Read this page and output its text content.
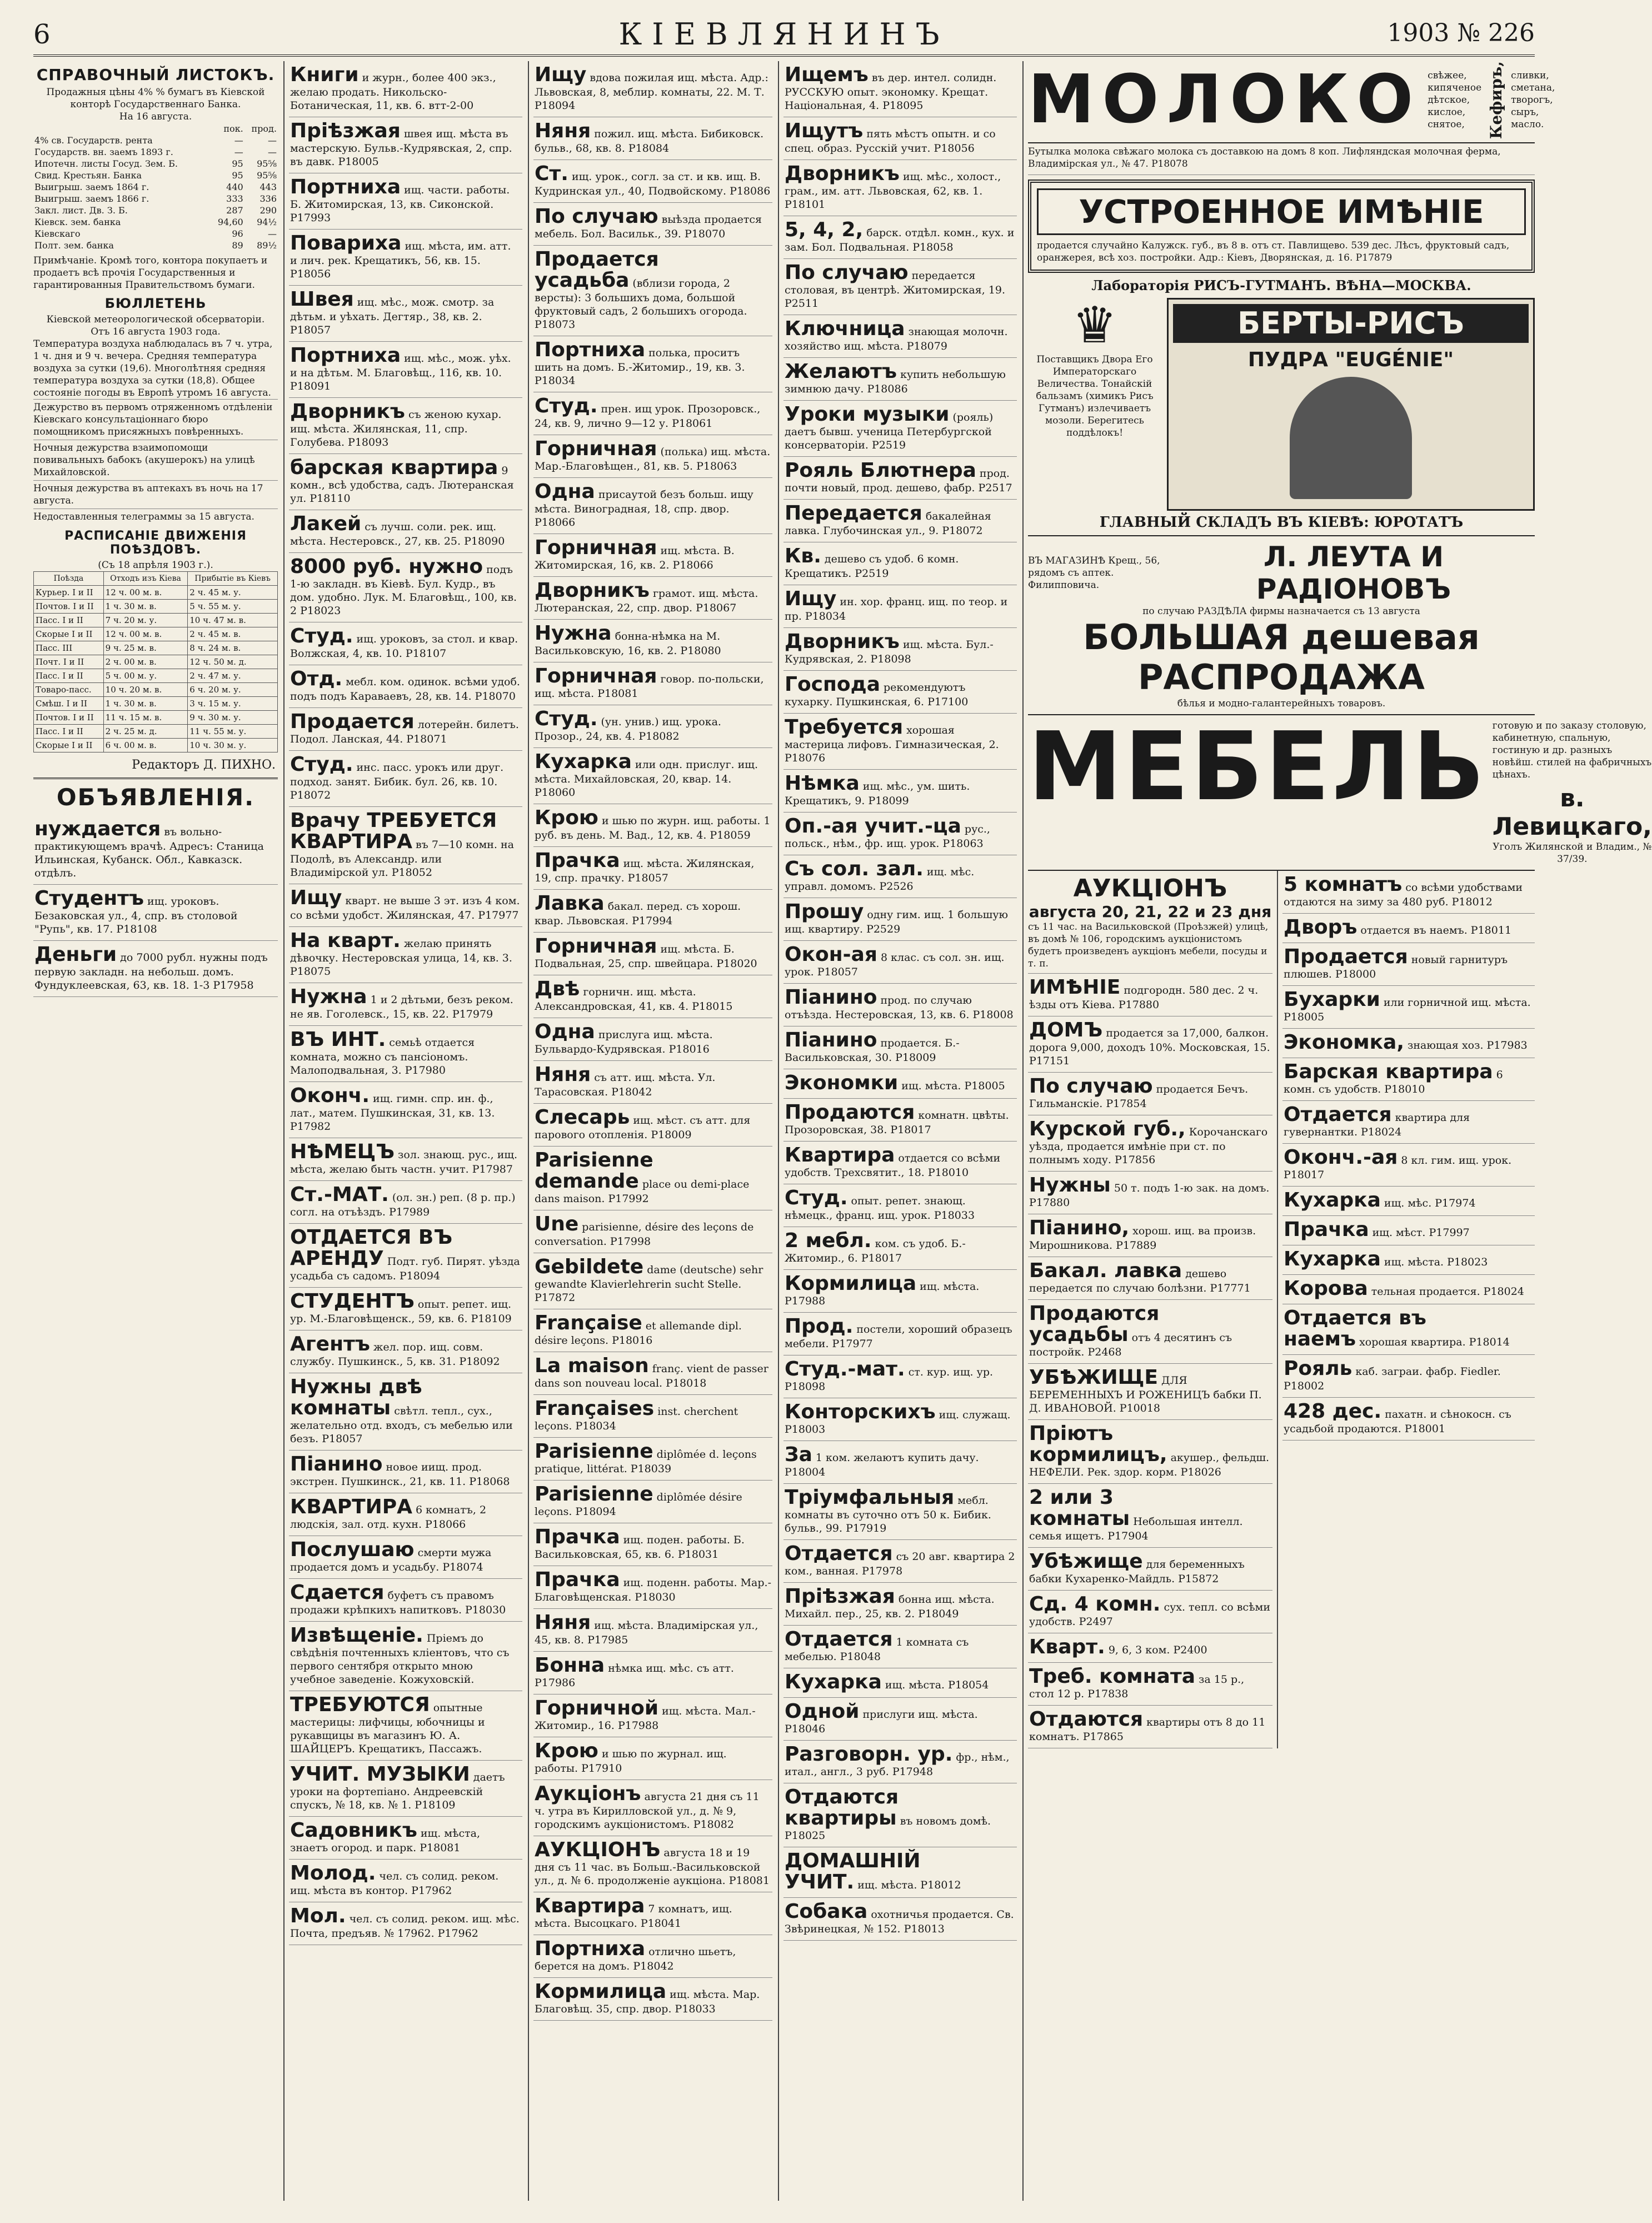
6	КІЕВЛЯНИНЪ	1903 № 226
СПРАВОЧНЫЙ ЛИСТОКЪ.
Продажныя цѣны 4% % бумагъ въ Кіевской конторѣ Государственнаго Банка.
На 16 августа.
	пок.	прод.
4% св. Государств. рента	—	—
Государств. вн. заемъ 1893 г.	—	—
Ипотечн. листы Госуд. Зем. Б.	95	95⅝
Свид. Крестьян. Банка	95	95⅝
Выигрыш. заемъ 1864 г.	440	443
Выигрыш. заемъ 1866 г.	333	336
Закл. лист. Дв. З. Б.	287	290
Кіевск. зем. банка	94,60	94½
Кіевскаго	96	—
Полт. зем. банка	89	89½
Примѣчаніе. Кромѣ того, контора покупаетъ и продаетъ всѣ прочія Государственныя и гарантированныя Правительствомъ бумаги.
БЮЛЛЕТЕНЬ
Кіевской метеорологической обсерваторіи.
Отъ 16 августа 1903 года.
Температура воздуха наблюдалась въ 7 ч. утра, 1 ч. дня и 9 ч. вечера. Средняя температура воздуха за сутки (19,6). Многолѣтняя средняя температура воздуха за сутки (18,8). Общее состояніе погоды въ Европѣ утромъ 16 августа.
Дежурство въ первомъ отряженномъ отдѣленіи Кіевскаго консультаціоннаго бюро помощникомъ присяжныхъ повѣренныхъ.
Ночныя дежурства взаимопомощи повивальныхъ бабокъ (акушерокъ) на улицѣ Михайловской.
Ночныя дежурства въ аптекахъ въ ночь на 17 августа.
Недоставленныя телеграммы за 15 августа.
РАСПИСАНІЕ ДВИЖЕНІЯ ПОѢЗДОВЪ.
(Съ 18 апрѣля 1903 г.).
Поѣзда	Отходъ изъ Кіева	Прибытіе въ Кіевъ
Курьер. I и II	12 ч. 00 м. в.	2 ч. 45 м. у.
Почтов. I и II	1 ч. 30 м. в.	5 ч. 55 м. у.
Пасс. I и II	7 ч. 20 м. у.	10 ч. 47 м. в.
Скорые I и II	12 ч. 00 м. в.	2 ч. 45 м. в.
Пасс. III	9 ч. 25 м. в.	8 ч. 24 м. в.
Почт. I и II	2 ч. 00 м. в.	12 ч. 50 м. д.
Пасс. I и II	5 ч. 00 м. у.	2 ч. 47 м. у.
Товаро-пасс.	10 ч. 20 м. в.	6 ч. 20 м. у.
Смѣш. I и II	1 ч. 30 м. в.	3 ч. 15 м. у.
Почтов. I и II	11 ч. 15 м. в.	9 ч. 30 м. у.
Пасс. I и II	2 ч. 25 м. д.	11 ч. 55 м. у.
Скорые I и II	6 ч. 00 м. в.	10 ч. 30 м. у.
Редакторъ Д. ПИХНО.
ОБЪЯВЛЕНІЯ.
нуждается въ вольно-практикующемъ врачѣ. Адресъ: Станица Ильинская, Кубанск. Обл., Кавказск. отдѣлъ.
Студентъ ищ. уроковъ. Безаковская ул., 4, спр. въ столовой "Рупь", кв. 17. Р18108
Деньги до 7000 рубл. нужны подъ первую закладн. на небольш. домъ. Фундуклеевская, 63, кв. 18. 1-3 Р17958
Книги и журн., более 400 экз., желаю продать. Никольско-Ботаническая, 11, кв. 6. втт-2-00
Пріѣзжая швея ищ. мѣста въ мастерскую. Бульв.-Кудрявская, 2, спр. въ давк. Р18005
Портниха ищ. части. работы. Б. Житомирская, 13, кв. Сиконской. Р17993
Повариха ищ. мѣста, им. атт. и лич. рек. Крещатикъ, 56, кв. 15. Р18056
Швея ищ. мѣс., мож. смотр. за дѣтьм. и уѣхать. Дегтяр., 38, кв. 2. Р18057
Портниха ищ. мѣс., мож. уѣх. и на дѣтьм. М. Благовѣщ., 116, кв. 10. Р18091
Дворникъ съ женою кухар. ищ. мѣста. Жилянская, 11, спр. Голубева. Р18093
барская квартира 9 комн., всѣ удобства, садъ. Лютеранская ул. Р18110
Лакей съ лучш. соли. рек. ищ. мѣста. Нестеровск., 27, кв. 25. Р18090
8000 руб. нужно подъ 1-ю закладн. въ Кіевѣ. Бул. Кудр., въ дом. удобно. Лук. М. Благовѣщ., 100, кв. 2 Р18023
Студ. ищ. уроковъ, за стол. и квар. Волжская, 4, кв. 10. Р18107
Отд. мебл. ком. одинок. всѣми удоб. подъ подъ Караваевъ, 28, кв. 14. Р18070
Продается лотерейн. билетъ. Подол. Ланская, 44. Р18071
Студ. инс. пасс. урокъ или друг. подход. занят. Бибик. бул. 26, кв. 10. Р18072
Врачу ТРЕБУЕТСЯ КВАРТИРА въ 7—10 комн. на Подолѣ, въ Александр. или Владимірской ул. Р18052
Ищу кварт. не выше 3 эт. изъ 4 ком. со всѣми удобст. Жилянская, 47. Р17977
На кварт. желаю принять дѣвочку. Нестеровская улица, 14, кв. 3. Р18075
Нужна 1 и 2 дѣтьми, безъ реком. не яв. Гоголевск., 15, кв. 22. Р17979
ВЪ ИНТ. семьѣ отдается комната, можно съ пансіономъ. Малоподвальная, 3. Р17980
Оконч. ищ. гимн. спр. ин. ф., лат., матем. Пушкинская, 31, кв. 13. Р17982
НѢМЕЦЪ зол. знающ. рус., ищ. мѣста, желаю быть частн. учит. Р17987
Ст.-МАТ. (ол. зн.) реп. (8 р. пр.) согл. на отъѣздъ. Р17989
ОТДАЕТСЯ ВЪ АРЕНДУ Подт. губ. Пирят. уѣзда усадьба съ садомъ. Р18094
СТУДЕНТЪ опыт. репет. ищ. ур. М.-Благовѣщенск., 59, кв. 6. Р18109
Агентъ жел. пор. ищ. совм. службу. Пушкинск., 5, кв. 31. Р18092
Нужны двѣ комнаты свѣтл. тепл., сух., желательно отд. входъ, съ мебелью или безъ. Р18057
Піанино новое иищ. прод. экстрен. Пушкинск., 21, кв. 11. Р18068
КВАРТИРА 6 комнатъ, 2 людскія, зал. отд. кухн. Р18066
Послушаю смерти мужа продается домъ и усадьбу. Р18074
Сдается буфетъ съ правомъ продажи крѣпкихъ напитковъ. Р18030
Извѣщеніе. Пріемъ до свѣдѣнія почтенныхъ кліентовъ, что съ первого сентября открыто мною учебное заведеніе. Кожуховскій.
ТРЕБУЮТСЯ опытные мастерицы: лифчицы, юбочницы и рукавщицы въ магазинъ Ю. А. ШАЙЦЕРЪ. Крещатикъ, Пассажъ.
УЧИТ. МУЗЫКИ даетъ уроки на фортепіано. Андреевскій спускъ, № 18, кв. № 1. Р18109
Садовникъ ищ. мѣста, знаетъ огород. и парк. Р18081
Молод. чел. съ солид. реком. ищ. мѣста въ контор. Р17962
Мол. чел. съ солид. реком. ищ. мѣс. Почта, предъяв. № 17962. Р17962
Ищу вдова пожилая ищ. мѣста. Адр.: Львовская, 8, меблир. комнаты, 22. М. Т. Р18094
Няня пожил. ищ. мѣста. Бибиковск. бульв., 68, кв. 8. Р18084
Ст. ищ. урок., согл. за ст. и кв. ищ. В. Кудринская ул., 40, Подвойскому. Р18086
По случаю выѣзда продается мебель. Бол. Васильк., 39. Р18070
Продается усадьба (вблизи города, 2 версты): 3 большихъ дома, большой фруктовый садъ, 2 большихъ огорода. Р18073
Портниха полька, проситъ шить на домъ. Б.-Житомир., 19, кв. 3. Р18034
Студ. прен. ищ урок. Прозоровск., 24, кв. 9, лично 9—12 у. Р18061
Горничная (полька) ищ. мѣста. Мар.-Благовѣщен., 81, кв. 5. Р18063
Одна присаутой безъ больш. ищу мѣста. Виноградная, 18, спр. двор. Р18066
Горничная ищ. мѣста. В. Житомирская, 16, кв. 2. Р18066
Дворникъ грамот. ищ. мѣста. Лютеранская, 22, спр. двор. Р18067
Нужна бонна-нѣмка на М. Васильковскую, 16, кв. 2. Р18080
Горничная говор. по-польски, ищ. мѣста. Р18081
Студ. (ун. унив.) ищ. урока. Прозор., 24, кв. 4. Р18082
Кухарка или одн. прислуг. ищ. мѣста. Михайловская, 20, квар. 14. Р18060
Крою и шью по журн. ищ. работы. 1 руб. въ день. М. Вад., 12, кв. 4. Р18059
Прачка ищ. мѣста. Жилянская, 19, спр. прачку. Р18057
Лавка бакал. перед. съ хорош. квар. Львовская. Р17994
Горничная ищ. мѣста. Б. Подвальная, 25, спр. швейцара. Р18020
Двѣ горничн. ищ. мѣста. Александровская, 41, кв. 4. Р18015
Одна прислуга ищ. мѣста. Бульвардо-Кудрявская. Р18016
Няня съ атт. ищ. мѣста. Ул. Тарасовская. Р18042
Слесарь ищ. мѣст. съ атт. для парового отопленія. Р18009
Parisienne demande place ou demi-place dans maison. Р17992
Une parisienne, désire des leçons de conversation. Р17998
Gebildete dame (deutsche) sehr gewandte Klavierlehrerin sucht Stelle. Р17872
Française et allemande dipl. désire leçons. Р18016
La maison franç. vient de passer dans son nouveau local. Р18018
Françaises inst. cherchent leçons. Р18034
Parisienne diplômée d. leçons pratique, littérat. Р18039
Parisienne diplômée désire leçons. Р18094
Прачка ищ. поден. работы. Б. Васильковская, 65, кв. 6. Р18031
Прачка ищ. поденн. работы. Мар.-Благовѣщенская. Р18030
Няня ищ. мѣста. Владимірская ул., 45, кв. 8. Р17985
Бонна нѣмка ищ. мѣс. съ атт. Р17986
Горничной ищ. мѣста. Мал.-Житомир., 16. Р17988
Крою и шью по журнал. ищ. работы. Р17910
Аукціонъ августа 21 дня съ 11 ч. утра въ Кирилловской ул., д. № 9, городскимъ аукціонистомъ. Р18082
АУКЦІОНЪ августа 18 и 19 дня съ 11 час. въ Больш.-Васильковской ул., д. № 6. продолженіе аукціона. Р18081
Квартира 7 комнатъ, ищ. мѣста. Высоцкаго. Р18041
Портниха отлично шьетъ, берется на домъ. Р18042
Кормилица ищ. мѣста. Мар. Благовѣщ. 35, спр. двор. Р18033
Ищемъ въ дер. интел. солидн. РУССКУЮ опыт. экономку. Крещат. Національная, 4. Р18095
Ищутъ пять мѣстъ опытн. и со спец. образ. Русскій учит. Р18056
Дворникъ ищ. мѣс., холост., грам., им. атт. Львовская, 62, кв. 1. Р18101
5, 4, 2, барск. отдѣл. комн., кух. и зам. Бол. Подвальная. Р18058
По случаю передается столовая, въ центрѣ. Житомирская, 19. Р2511
Ключница знающая молочн. хозяйство ищ. мѣста. Р18079
Желаютъ купить небольшую зимнюю дачу. Р18086
Уроки музыки (рояль) даетъ бывш. ученица Петербургской консерваторіи. Р2519
Рояль Блютнера прод. почти новый, прод. дешево, фабр. Р2517
Передается бакалейная лавка. Глубочинская ул., 9. Р18072
Кв. дешево съ удоб. 6 комн. Крещатикъ. Р2519
Ищу ин. хор. франц. ищ. по теор. и пр. Р18034
Дворникъ ищ. мѣста. Бул.-Кудрявская, 2. Р18098
Господа рекомендуютъ кухарку. Пушкинская, 6. Р17100
Требуется хорошая мастерица лифовъ. Гимназическая, 2. Р18076
Нѣмка ищ. мѣс., ум. шить. Крещатикъ, 9. Р18099
Оп.-ая учит.-ца рус., польск., нѣм., фр. ищ. урок. Р18063
Съ сол. зал. ищ. мѣс. управл. домомъ. Р2526
Прошу одну гим. ищ. 1 большую ищ. квартиру. Р2529
Окон-ая 8 клас. съ сол. зн. ищ. урок. Р18057
Піанино прод. по случаю отъѣзда. Нестеровская, 13, кв. 6. Р18008
Піанино продается. Б.-Васильковская, 30. Р18009
Экономки ищ. мѣста. Р18005
Продаются комнатн. цвѣты. Прозоровская, 38. Р18017
Квартира отдается со всѣми удобств. Трехсвятит., 18. Р18010
Студ. опыт. репет. знающ. нѣмецк., франц. ищ. урок. Р18033
2 мебл. ком. съ удоб. Б.-Житомир., 6. Р18017
Кормилица ищ. мѣста. Р17988
Прод. постели, хороший образецъ мебели. Р17977
Студ.-мат. ст. кур. ищ. ур. Р18098
Конторскихъ ищ. служащ. Р18003
За 1 ком. желаютъ купить дачу. Р18004
Тріумфальныя мебл. комнаты въ суточно отъ 50 к. Бибик. бульв., 99. Р17919
Отдается съ 20 авг. квартира 2 ком., ванная. Р17978
Пріѣзжая бонна ищ. мѣста. Михайл. пер., 25, кв. 2. Р18049
Отдается 1 комната съ мебелью. Р18048
Кухарка ищ. мѣста. Р18054
Одной прислуги ищ. мѣста. Р18046
Разговорн. ур. фр., нѣм., итал., англ., 3 руб. Р17948
Отдаются квартиры въ новомъ домѣ. Р18025
ДОМАШНІЙ УЧИТ. ищ. мѣста. Р18012
Собака охотничья продается. Св. Звѣринецкая, № 152. Р18013
МОЛОКО свѣжее,
кипяченое
дѣтское,
кислое,
снятое,	Кефиръ, сливки,
сметана,
творогъ,
сыръ,
масло.
Бутылка молока свѣжаго молока съ доставкою на домъ 8 коп. Лифляндская молочная ферма, Владимірская ул., № 47. Р18078
УСТРОЕННОЕ ИМѢНІЕ
продается случайно Калужск. губ., въ 8 в. отъ ст. Павлищево. 539 дес. Лѣсъ, фруктовый садъ, оранжерея, всѣ хоз. постройки. Адр.: Кіевъ, Дворянская, д. 16. Р17879
Лабораторія РИСЪ-ГУТМАНЪ. ВѢНА—МОСКВА.
♛
Поставщикъ Двора Его Императорскаго Величества. Тонайскій бальзамъ (химикъ Рисъ Гутманъ) излечиваетъ мозоли. Берегитесь поддѣлокъ!
БЕРТЫ-РИСЪ
ПУДРА "EUGÉNIE"
ГЛАВНЫЙ СКЛАДЪ ВЪ КІЕВѢ: ЮРОТАТЪ
ВЪ МАГАЗИНѢ Крещ., 56, рядомъ съ аптек. Филипповича.
Л. ЛЕУТА И РАДІОНОВЪ
по случаю РАЗДѢЛА фирмы назначается съ 13 августа
БОЛЬШАЯ дешевая РАСПРОДАЖА
бѣлья и модно-галантерейныхъ товаровъ.
МЕБЕЛЬ готовую и по заказу столовую, кабинетную, спальную, гостиную и др. разныхъ новѣйш. стилей на фабричныхъ цѣнахъ.
в. Левицкаго,
Уголъ Жилянской и Владим., № 37/39.
АУКЦІОНЪ
августа 20, 21, 22 и 23 дня
съ 11 час. на Васильковской (Проѣзжей) улицѣ, въ домѣ № 106, городскимъ аукціонистомъ будетъ произведенъ аукціонъ мебели, посуды и т. п.
ИМѢНІЕ подгородн. 580 дес. 2 ч. ѣзды отъ Кіева. Р17880
ДОМЪ продается за 17,000, балкон. дорога 9,000, доходъ 10%. Московская, 15. Р17151
По случаю продается Бечъ. Гильманскіе. Р17854
Курской губ., Корочанскаго уѣзда, продается имѣніе при ст. по полнымъ ходу. Р17856
Нужны 50 т. подъ 1-ю зак. на домъ. Р17880
Піанино, хорош. ищ. ва произв. Мирошникова. Р17889
Бакал. лавка дешево передается по случаю болѣзни. Р17771
Продаются усадьбы отъ 4 десятинъ съ постройк. Р2468
УБѢЖИЩЕ ДЛЯ БЕРЕМЕННЫХЪ И РОЖЕНИЦЪ бабки П. Д. ИВАНОВОЙ. Р10018
Пріютъ кормилицъ, акушер., фельдш. НЕФЕЛИ. Рек. здор. корм. Р18026
2 или 3 комнаты Небольшая интелл. семья ищетъ. Р17904
Убѣжище для беременныхъ бабки Кухаренко-Майдль. Р15872
Сд. 4 комн. сух. тепл. со всѣми удобств. Р2497
Кварт. 9, 6, 3 ком. Р2400
Треб. комната за 15 р., стол 12 р. Р17838
Отдаются квартиры отъ 8 до 11 комнатъ. Р17865
5 комнатъ со всѣми удобствами отдаются на зиму за 480 руб. Р18012
Дворъ отдается въ наемъ. Р18011
Продается новый гарнитуръ плюшев. Р18000
Бухарки или горничной ищ. мѣста. Р18005
Экономка, знающая хоз. Р17983
Барская квартира 6 комн. съ удобств. Р18010
Отдается квартира для гувернантки. Р18024
Оконч.-ая 8 кл. гим. ищ. урок. Р18017
Кухарка ищ. мѣс. Р17974
Прачка ищ. мѣст. Р17997
Кухарка ищ. мѣста. Р18023
Корова тельная продается. Р18024
Отдается въ наемъ хорошая квартира. Р18014
Рояль каб. заграи. фабр. Fiedler. Р18002
428 дес. пахатн. и сѣнокосн. съ усадьбой продаются. Р18001
